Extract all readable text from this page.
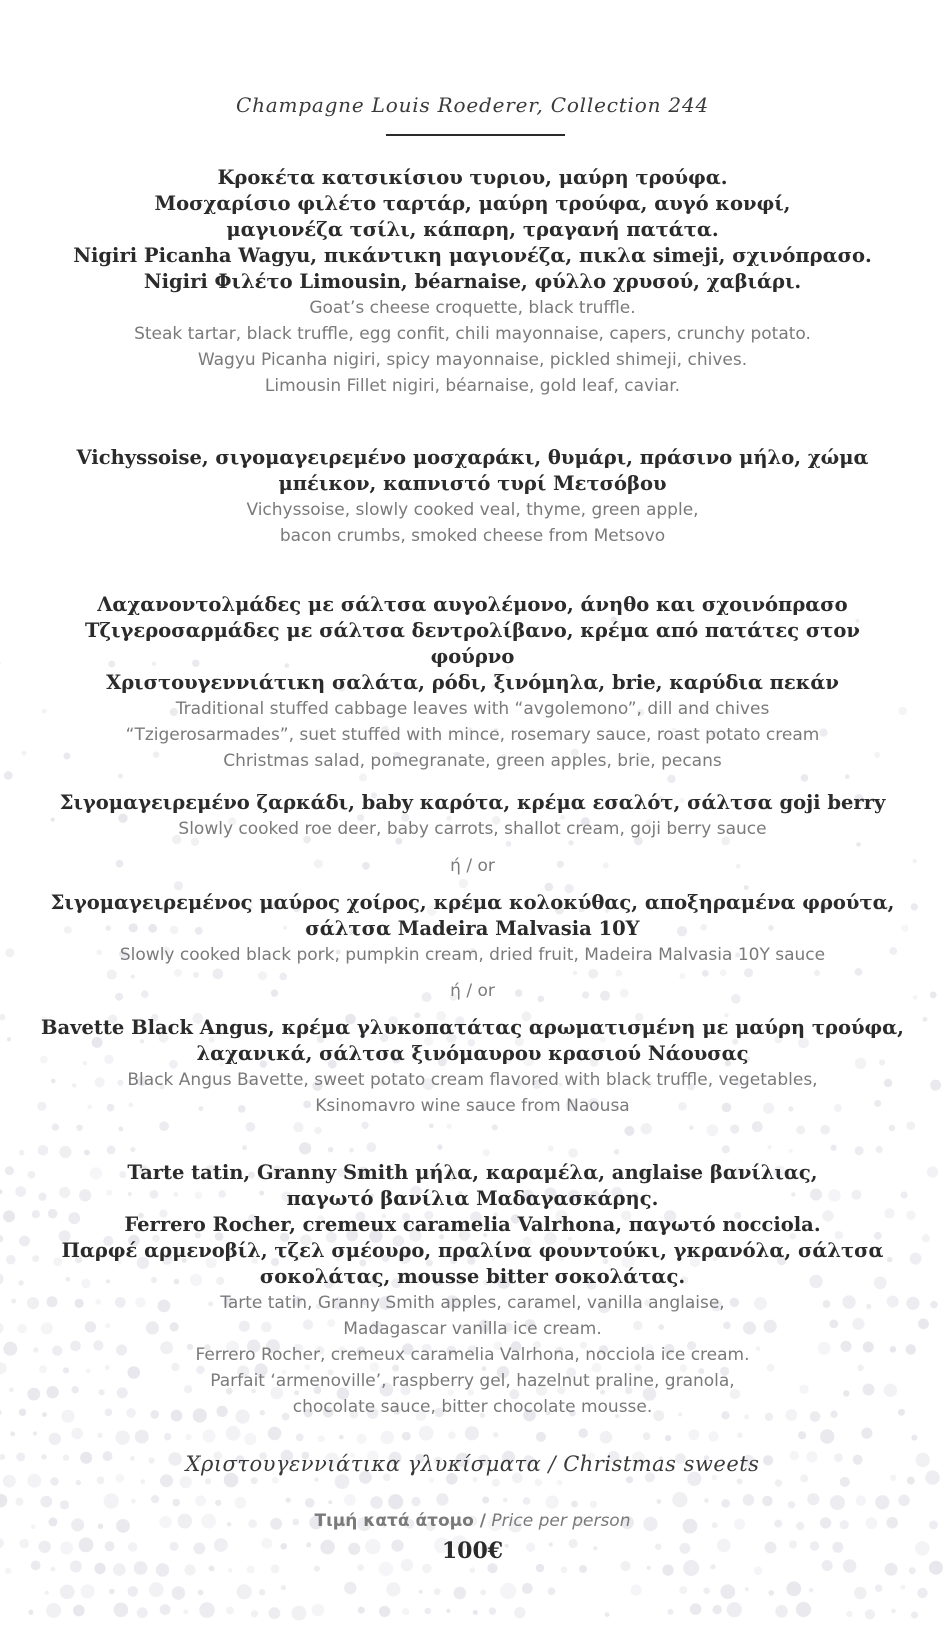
Champagne Louis Roederer, Collection 244

Κροκέτα κατσικίσιου τυριου, μαύρη τρούφα.

Μοσχαρίσιο φιλέτο ταρτάρ, μαύρη τρούφα, αυγό κονφί,

μαγιονέζα τσίλι, κάπαρη, τραγανή πατάτα.

Nigiri Picanha Wagyu, πικάντικη μαγιονέζα, πικλα simeji, σχινόπρασο.

Nigiri Φιλέτο Limousin, béarnaise, φύλλο χρυσού, χαβιάρι.

Goat’s cheese croquette, black truffle.

Steak tartar, black truffle, egg confit, chili mayonnaise, capers, crunchy potato.

Wagyu Picanha nigiri, spicy mayonnaise, pickled shimeji, chives.

Limousin Fillet nigiri, béarnaise, gold leaf, caviar.

Vichyssoise, σιγομαγειρεμένο μοσχαράκι, θυμάρι, πράσινο μήλο, χώμα

μπέικον, καπνιστό τυρί Μετσόβου

Vichyssoise, slowly cooked veal, thyme, green apple,

bacon crumbs, smoked cheese from Metsovo

Λαχανοντολμάδες με σάλτσα αυγολέμονο, άνηθο και σχοινόπρασο

Τζιγεροσαρμάδες με σάλτσα δεντρολίβανο, κρέμα από πατάτες στον φούρνο

Χριστουγεννιάτικη σαλάτα, ρόδι, ξινόμηλα, brie, καρύδια πεκάν

Traditional stuffed cabbage leaves with “avgolemono”, dill and chives

“Tzigerosarmades”, suet stuffed with mince, rosemary sauce, roast potato cream

Christmas salad, pomegranate, green apples, brie, pecans

Σιγομαγειρεμένο ζαρκάδι, baby καρότα, κρέμα εσαλότ, σάλτσα goji berry

Slowly cooked roe deer, baby carrots, shallot cream, goji berry sauce

ή / or

Σιγομαγειρεμένος μαύρος χοίρος, κρέμα κολοκύθας, αποξηραμένα φρούτα,

σάλτσα Madeira Malvasia 10Y

Slowly cooked black pork, pumpkin cream, dried fruit, Madeira Malvasia 10Y sauce

ή / or

Bavette Black Angus, κρέμα γλυκοπατάτας αρωματισμένη με μαύρη τρούφα,

λαχανικά, σάλτσα ξινόμαυρου κρασιού Νάουσας

Black Angus Bavette, sweet potato cream flavored with black truffle, vegetables,

Ksinomavro wine sauce from Naousa

Tarte tatin, Granny Smith μήλα, καραμέλα, anglaise βανίλιας,

παγωτό βανίλια Μαδαγασκάρης.

Ferrero Rocher, cremeux caramelia Valrhona, παγωτό nocciola.

Παρφέ αρμενοβίλ, τζελ σμέουρο, πραλίνα φουντούκι, γκρανόλα, σάλτσα

σοκολάτας, mousse bitter σοκολάτας.

Tarte tatin, Granny Smith apples, caramel, vanilla anglaise,

Madagascar vanilla ice cream.

Ferrero Rocher, cremeux caramelia Valrhona, nocciola ice cream.

Parfait ‘armenoville’, raspberry gel, hazelnut praline, granola,

chocolate sauce, bitter chocolate mousse.

Χριστουγεννιάτικα γλυκίσματα / Christmas sweets
Τιμή κατά άτομο / Price per person
100€
